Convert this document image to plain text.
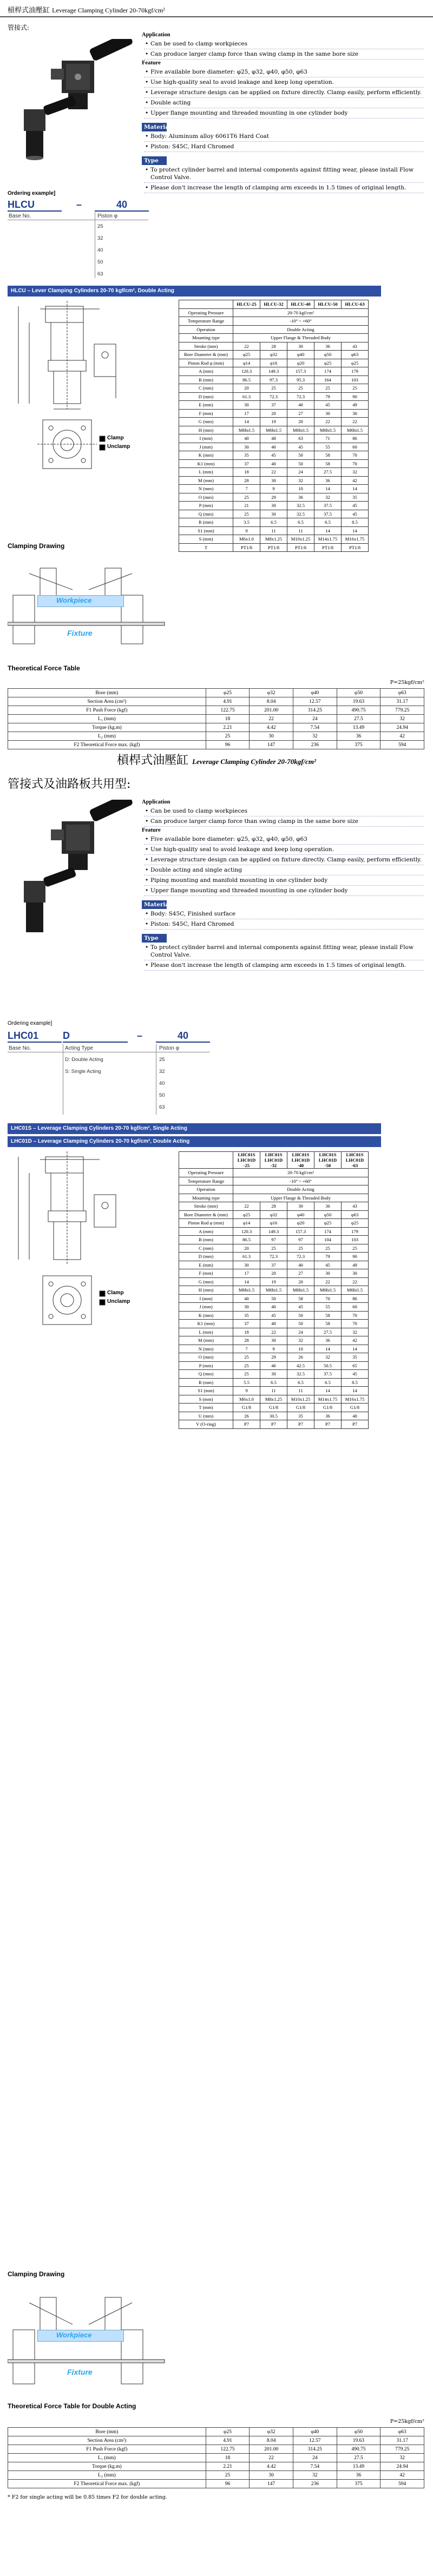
槓桿式油壓缸 Leverage Clamping Cylinder 20-70kgf/cm²
管接式:
Application
• Can be used to clamp workpieces
• Can produce larger clamp force than swing clamp in the same bore size
Feature
• Five available bore diameter: φ25, φ32, φ40, φ50, φ63
• Use high-quality seal to avoid leakage and keep long operation.
• Leverage structure design can be applied on fixture directly. Clamp easily, perform efficiently.
• Double acting
• Upper flange mounting and threaded mounting in one cylinder body
Material
• Body: Aluminum alloy 6061T6 Hard Coat
• Piston: S45C, Hard Chromed
Type
• To protect cylinder barrel and internal components against fitting wear, please install Flow Control Valve.
• Please don't increase the length of clamping arm exceeds in 1.5 times of original length.
Ordering example]
HLCU	–	40
Base No.	Piston φ
25
32
40
50
63
HLCU – Lever Clamping Cylinders 20-70 kgf/cm², Double Acting
Clamp
Unclamp
	HLCU-25	HLCU-32	HLCU-40	HLCU-50	HLCU-63
Operating Pressure	20-70 kgf/cm²				
Temperature Range	-10° ~ +60°				
Operation	Double Acting				
Mounting type	Upper Flange & Threaded Body				
Stroke (mm)	22	28	30	36	43
Bore Diameter & (mm)	φ25	φ32	φ40	φ50	φ63
Piston Rod φ (mm)	φ14	φ16	φ20	φ25	φ25
A (mm)	120.3	149.3	157.3	174	179
B (mm)	86.5	97.3	95.3	164	103
C (mm)	20	25	25	25	25
D (mm)	61.3	72.3	72.3	79	90
E (mm)	30	37	40	45	49
F (mm)	17	20	27	30	30
G (mm)	14	19	20	22	22
H (mm)	M6hi1.5	M6hi1.5	M6hi1.5	M6hi1.5	M6hi1.5
I (mm)	40	48	63	71	86
J (mm)	30	40	45	55	60
K (mm)	35	45	50	58	70
K1 (mm)	37	40	50	58	70
L (mm)	18	22	24	27.5	32
M (mm)	28	30	32	36	42
N (mm)	7	9	10	14	14
O (mm)	25	29	36	32	35
P (mm)	21	30	32.5	37.5	45
Q (mm)	25	30	32.5	37.5	45
R (mm)	3.5	6.5	6.5	6.5	8.5
S1 (mm)	9	11	11	14	14
S (mm)	M6x1.0	M8x1.25	M10x1.25	M14x1.75	M16x1.75
T	PT1/8	PT1/8	PT1/8	PT1/8	PT1/8
Clamping Drawing
Workpiece
Fixture
Theoretical Force Table
P=25kgf/cm²
Bore (mm)	φ25	φ32	φ40	φ50	φ63
Section Area (cm²)	4.91	8.04	12.57	19.63	31.17
F1 Push Force (kgf)	122.75	201.00	314.25	490.75	779.25
L₁ (mm)	18	22	24	27.5	32
Torque (kg.m)	2.21	4.42	7.54	13.49	24.94
L₂ (mm)	25	30	32	36	42
F2 Theoretical Force max. (kgf)	96	147	236	375	594
槓桿式油壓缸 Leverage Clamping Cylinder 20-70kgf/cm²
管接式及油路板共用型:
Application
• Can be used to clamp workpieces
• Can produce larger clamp force than swing clamp in the same bore size
Feature
• Five available bore diameter: φ25, φ32, φ40, φ50, φ63
• Use high-quality seal to avoid leakage and keep long operation.
• Leverage structure design can be applied on fixture directly. Clamp easily, perform efficiently.
• Double acting and single acting
• Piping mounting and manifold mounting in one cylinder body
• Upper flange mounting and threaded mounting in one cylinder body
Material
• Body: S45C, Finished surface
• Piston: S45C, Hard Chromed
Type
• To protect cylinder barrel and internal components against fitting wear, please install Flow Control Valve.
• Please don't increase the length of clamping arm exceeds in 1.5 times of original length.
Ordering example]
LHC01	D	–	40
Base No.	Acting Type	Piston φ
D: Double Acting
S: Single Acting
25
32
40
50
63
LHC01S – Leverage Clamping Cylinders 20-70 kgf/cm², Single Acting
LHC01D – Leverage Clamping Cylinders 20-70 kgf/cm², Double Acting
Clamp
Unclamp
	LHC01S LHC01D -25	LHC01S LHC01D -32	LHC01S LHC01D -40	LHC01S LHC01D -50	LHC01S LHC01D -63
Operating Pressure	20-70 kgf/cm²				
Temperature Range	-10° ~ +60°				
Operation	Double Acting				
Mounting type	Upper Flange & Threaded Body				
Stroke (mm)	22	28	30	36	43
Bore Diameter & (mm)	φ25	φ32	φ40	φ50	φ63
Piston Rod φ (mm)	φ14	φ16	φ20	φ25	φ25
A (mm)	120.3	149.3	157.3	174	179
B (mm)	86.5	97	97	104	103
C (mm)	20	25	25	25	25
D (mm)	61.3	72.3	72.3	79	90
E (mm)	30	37	40	45	49
F (mm)	17	20	27	30	30
G (mm)	14	19	20	22	22
H (mm)	M6hi1.5	M6hi1.5	M6hi1.5	M6hi1.5	M6hi1.5
I (mm)	40	50	58	70	86
J (mm)	30	40	45	55	60
K (mm)	35	45	50	58	70
K1 (mm)	37	40	50	58	70
L (mm)	18	22	24	27.5	32
M (mm)	28	30	32	36	42
N (mm)	7	9	10	14	14
O (mm)	25	29	26	32	35
P (mm)	25	46	42.5	50.5	65
Q (mm)	25	30	32.5	37.5	45
R (mm)	5.5	6.5	6.5	6.5	8.5
S1 (mm)	9	11	11	14	14
S (mm)	M6x1.0	M8x1.25	M10x1.25	M14x1.75	M16x1.75
T (mm)	G1/8	G1/8	G1/8	G1/8	G1/8
U (mm)	26	30.5	35	36	40
V (O-ring)	P7	P7	P7	P7	P7
Clamping Drawing
Workpiece
Fixture
Theoretical Force Table for Double Acting
P=25kgf/cm²
Bore (mm)	φ25	φ32	φ40	φ50	φ63
Section Area (cm²)	4.91	8.04	12.57	19.63	31.17
F1 Push Force (kgf)	122.75	201.00	314.25	490.75	779.25
L₁ (mm)	18	22	24	27.5	32
Torque (kg.m)	2.21	4.42	7.54	13.49	24.94
L₂ (mm)	25	30	32	36	42
F2 Theoretical Force max. (kgf)	96	147	236	375	594
* F2 for single acting will be 0.85 times F2 for double acting.
